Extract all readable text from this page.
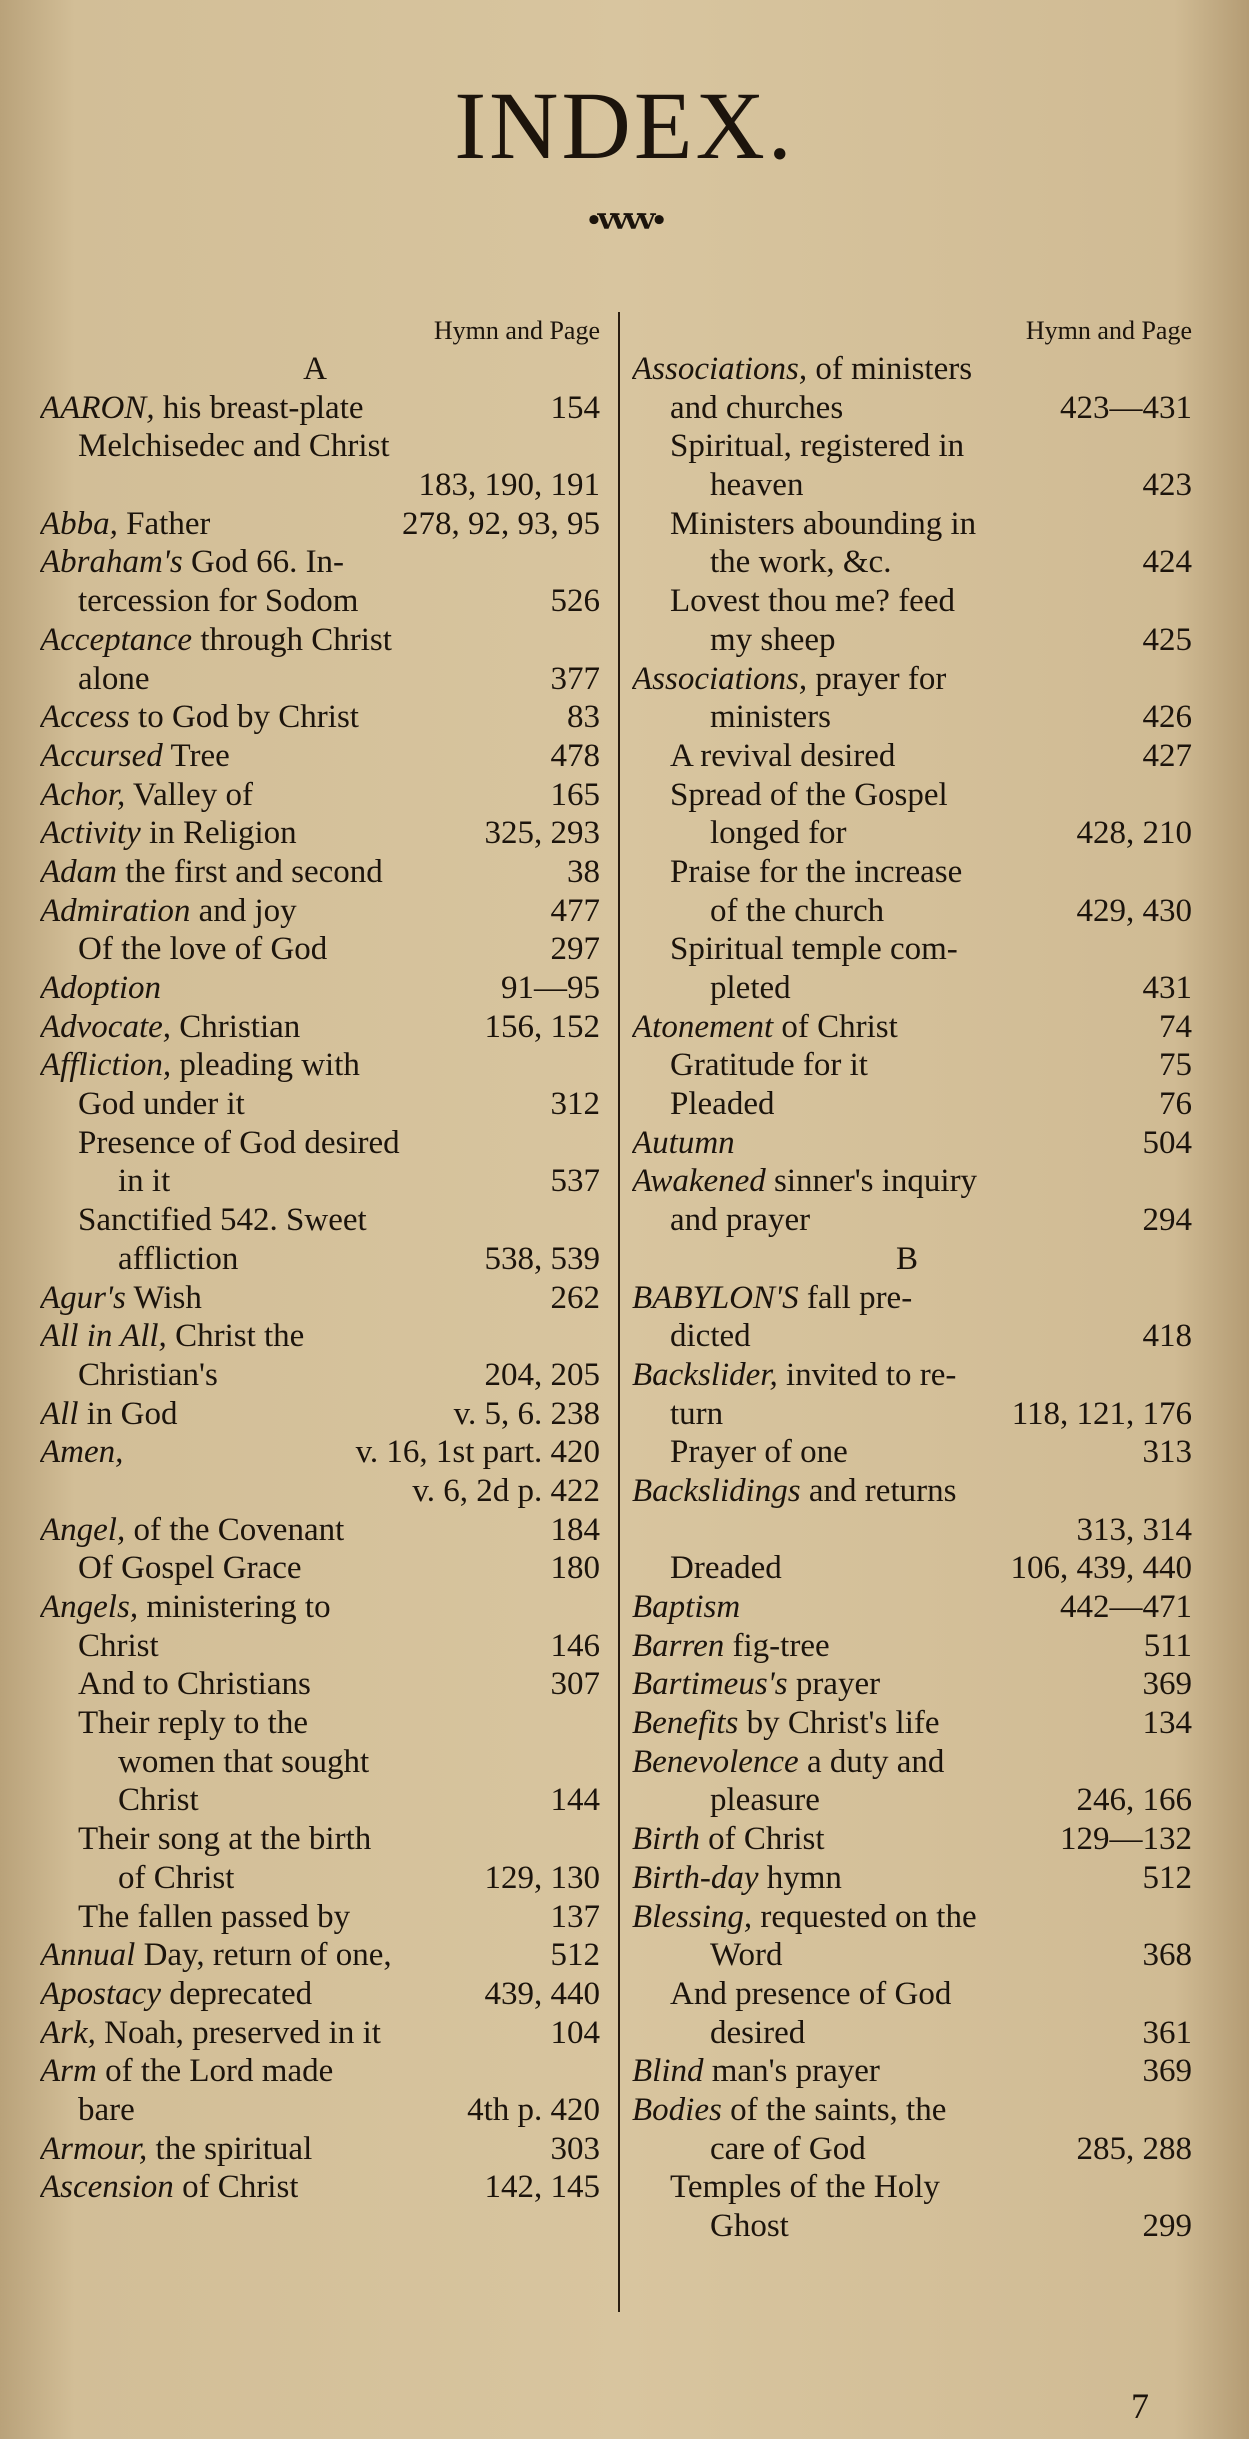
INDEX.
∙vvvv∙
Hymn and Page
A
AARON, his breast-plate	154
Melchisedec and Christ
183, 190, 191
Abba, Father	278, 92, 93, 95
Abraham's God 66. In-
tercession for Sodom	526
Acceptance through Christ
alone	377
Access to God by Christ	83
Accursed Tree	478
Achor, Valley of	165
Activity in Religion	325, 293
Adam the first and second	38
Admiration and joy	477
Of the love of God	297
Adoption	91—95
Advocate, Christian	156, 152
Affliction, pleading with
God under it	312
Presence of God desired
in it	537
Sanctified 542. Sweet
affliction	538, 539
Agur's Wish	262
All in All, Christ the
Christian's	204, 205
All in God	v. 5, 6. 238
Amen,	v. 16, 1st part. 420
v. 6, 2d p. 422
Angel, of the Covenant	184
Of Gospel Grace	180
Angels, ministering to
Christ	146
And to Christians	307
Their reply to the
women that sought
Christ	144
Their song at the birth
of Christ	129, 130
The fallen passed by	137
Annual Day, return of one,	512
Apostacy deprecated	439, 440
Ark, Noah, preserved in it	104
Arm of the Lord made
bare	4th p. 420
Armour, the spiritual	303
Ascension of Christ	142, 145
Hymn and Page
Associations, of ministers
and churches	423—431
Spiritual, registered in
heaven	423
Ministers abounding in
the work, &c.	424
Lovest thou me? feed
my sheep	425
Associations, prayer for
ministers	426
A revival desired	427
Spread of the Gospel
longed for	428, 210
Praise for the increase
of the church	429, 430
Spiritual temple com-
pleted	431
Atonement of Christ	74
Gratitude for it	75
Pleaded	76
Autumn	504
Awakened sinner's inquiry
and prayer	294
B
BABYLON'S fall pre-
dicted	418
Backslider, invited to re-
turn	118, 121, 176
Prayer of one	313
Backslidings and returns
313, 314
Dreaded	106, 439, 440
Baptism	442—471
Barren fig-tree	511
Bartimeus's prayer	369
Benefits by Christ's life	134
Benevolence a duty and
pleasure	246, 166
Birth of Christ	129—132
Birth-day hymn	512
Blessing, requested on the
Word	368
And presence of God
desired	361
Blind man's prayer	369
Bodies of the saints, the
care of God	285, 288
Temples of the Holy
Ghost	299
7
